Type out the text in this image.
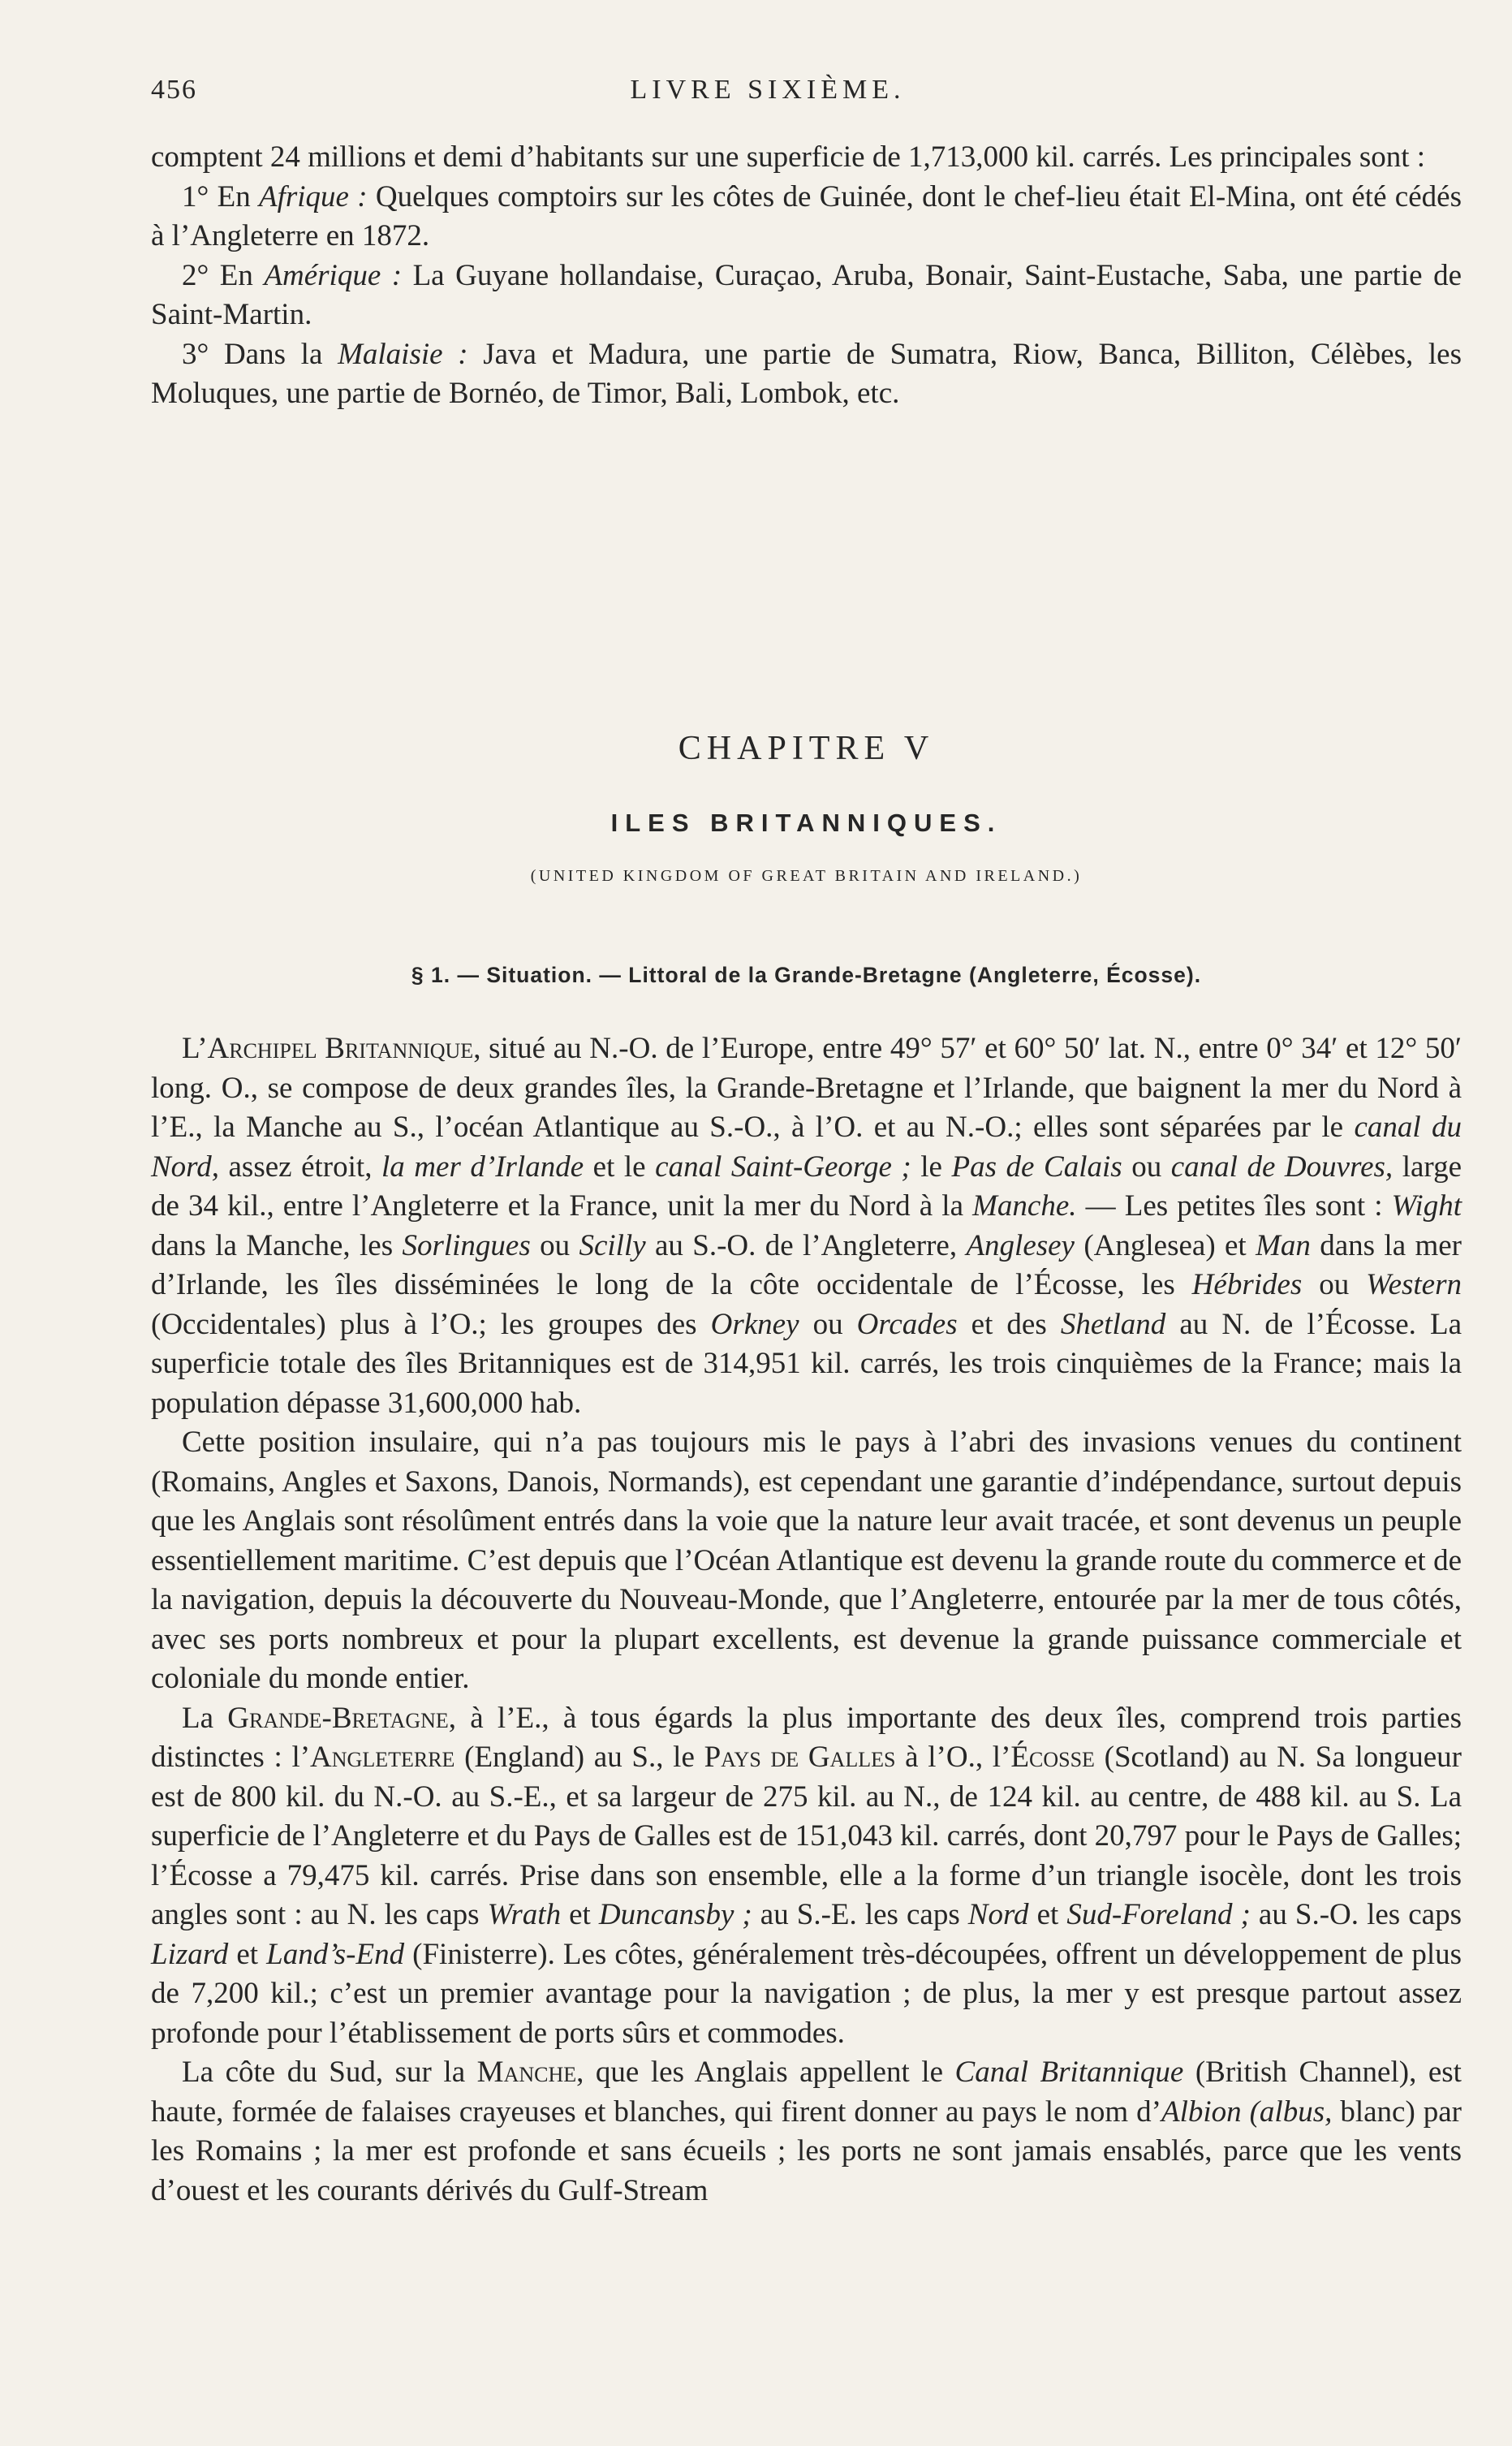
456	LIVRE SIXIÈME.

comptent 24 millions et demi d’habitants sur une superficie de 1,713,000 kil. carrés. Les principales sont :

1° En Afrique : Quelques comptoirs sur les côtes de Guinée, dont le chef-lieu était El-Mina, ont été cédés à l’Angleterre en 1872.

2° En Amérique : La Guyane hollandaise, Curaçao, Aruba, Bonair, Saint-Eustache, Saba, une partie de Saint-Martin.

3° Dans la Malaisie : Java et Madura, une partie de Sumatra, Riow, Banca, Billiton, Célèbes, les Moluques, une partie de Bornéo, de Timor, Bali, Lombok, etc.

CHAPITRE V
ILES BRITANNIQUES.
(UNITED KINGDOM OF GREAT BRITAIN AND IRELAND.)
§ 1. — Situation. — Littoral de la Grande-Bretagne (Angleterre, Écosse).

L’Archipel Britannique, situé au N.-O. de l’Europe, entre 49° 57′ et 60° 50′ lat. N., entre 0° 34′ et 12° 50′ long. O., se compose de deux grandes îles, la Grande-Bretagne et l’Irlande, que baignent la mer du Nord à l’E., la Manche au S., l’océan Atlantique au S.-O., à l’O. et au N.-O.; elles sont séparées par le canal du Nord, assez étroit, la mer d’Irlande et le canal Saint-George ; le Pas de Calais ou canal de Douvres, large de 34 kil., entre l’Angleterre et la France, unit la mer du Nord à la Manche. — Les petites îles sont : Wight dans la Manche, les Sorlingues ou Scilly au S.-O. de l’Angleterre, Anglesey (Anglesea) et Man dans la mer d’Irlande, les îles disséminées le long de la côte occidentale de l’Écosse, les Hébrides ou Western (Occidentales) plus à l’O.; les groupes des Orkney ou Orcades et des Shetland au N. de l’Écosse. La superficie totale des îles Britanniques est de 314,951 kil. carrés, les trois cinquièmes de la France; mais la population dépasse 31,600,000 hab.

Cette position insulaire, qui n’a pas toujours mis le pays à l’abri des invasions venues du continent (Romains, Angles et Saxons, Danois, Normands), est cependant une garantie d’indépendance, surtout depuis que les Anglais sont résolûment entrés dans la voie que la nature leur avait tracée, et sont devenus un peuple essentiellement maritime. C’est depuis que l’Océan Atlantique est devenu la grande route du commerce et de la navigation, depuis la découverte du Nouveau-Monde, que l’Angleterre, entourée par la mer de tous côtés, avec ses ports nombreux et pour la plupart excellents, est devenue la grande puissance commerciale et coloniale du monde entier.

La Grande-Bretagne, à l’E., à tous égards la plus importante des deux îles, comprend trois parties distinctes : l’Angleterre (England) au S., le Pays de Galles à l’O., l’Écosse (Scotland) au N. Sa longueur est de 800 kil. du N.-O. au S.-E., et sa largeur de 275 kil. au N., de 124 kil. au centre, de 488 kil. au S. La superficie de l’Angleterre et du Pays de Galles est de 151,043 kil. carrés, dont 20,797 pour le Pays de Galles; l’Écosse a 79,475 kil. carrés. Prise dans son ensemble, elle a la forme d’un triangle isocèle, dont les trois angles sont : au N. les caps Wrath et Duncansby ; au S.-E. les caps Nord et Sud-Foreland ; au S.-O. les caps Lizard et Land’s-End (Finisterre). Les côtes, généralement très-découpées, offrent un développement de plus de 7,200 kil.; c’est un premier avantage pour la navigation ; de plus, la mer y est presque partout assez profonde pour l’établissement de ports sûrs et commodes.

La côte du Sud, sur la Manche, que les Anglais appellent le Canal Britannique (British Channel), est haute, formée de falaises crayeuses et blanches, qui firent donner au pays le nom d’Albion (albus, blanc) par les Romains ; la mer est profonde et sans écueils ; les ports ne sont jamais ensablés, parce que les vents d’ouest et les courants dérivés du Gulf-Stream
